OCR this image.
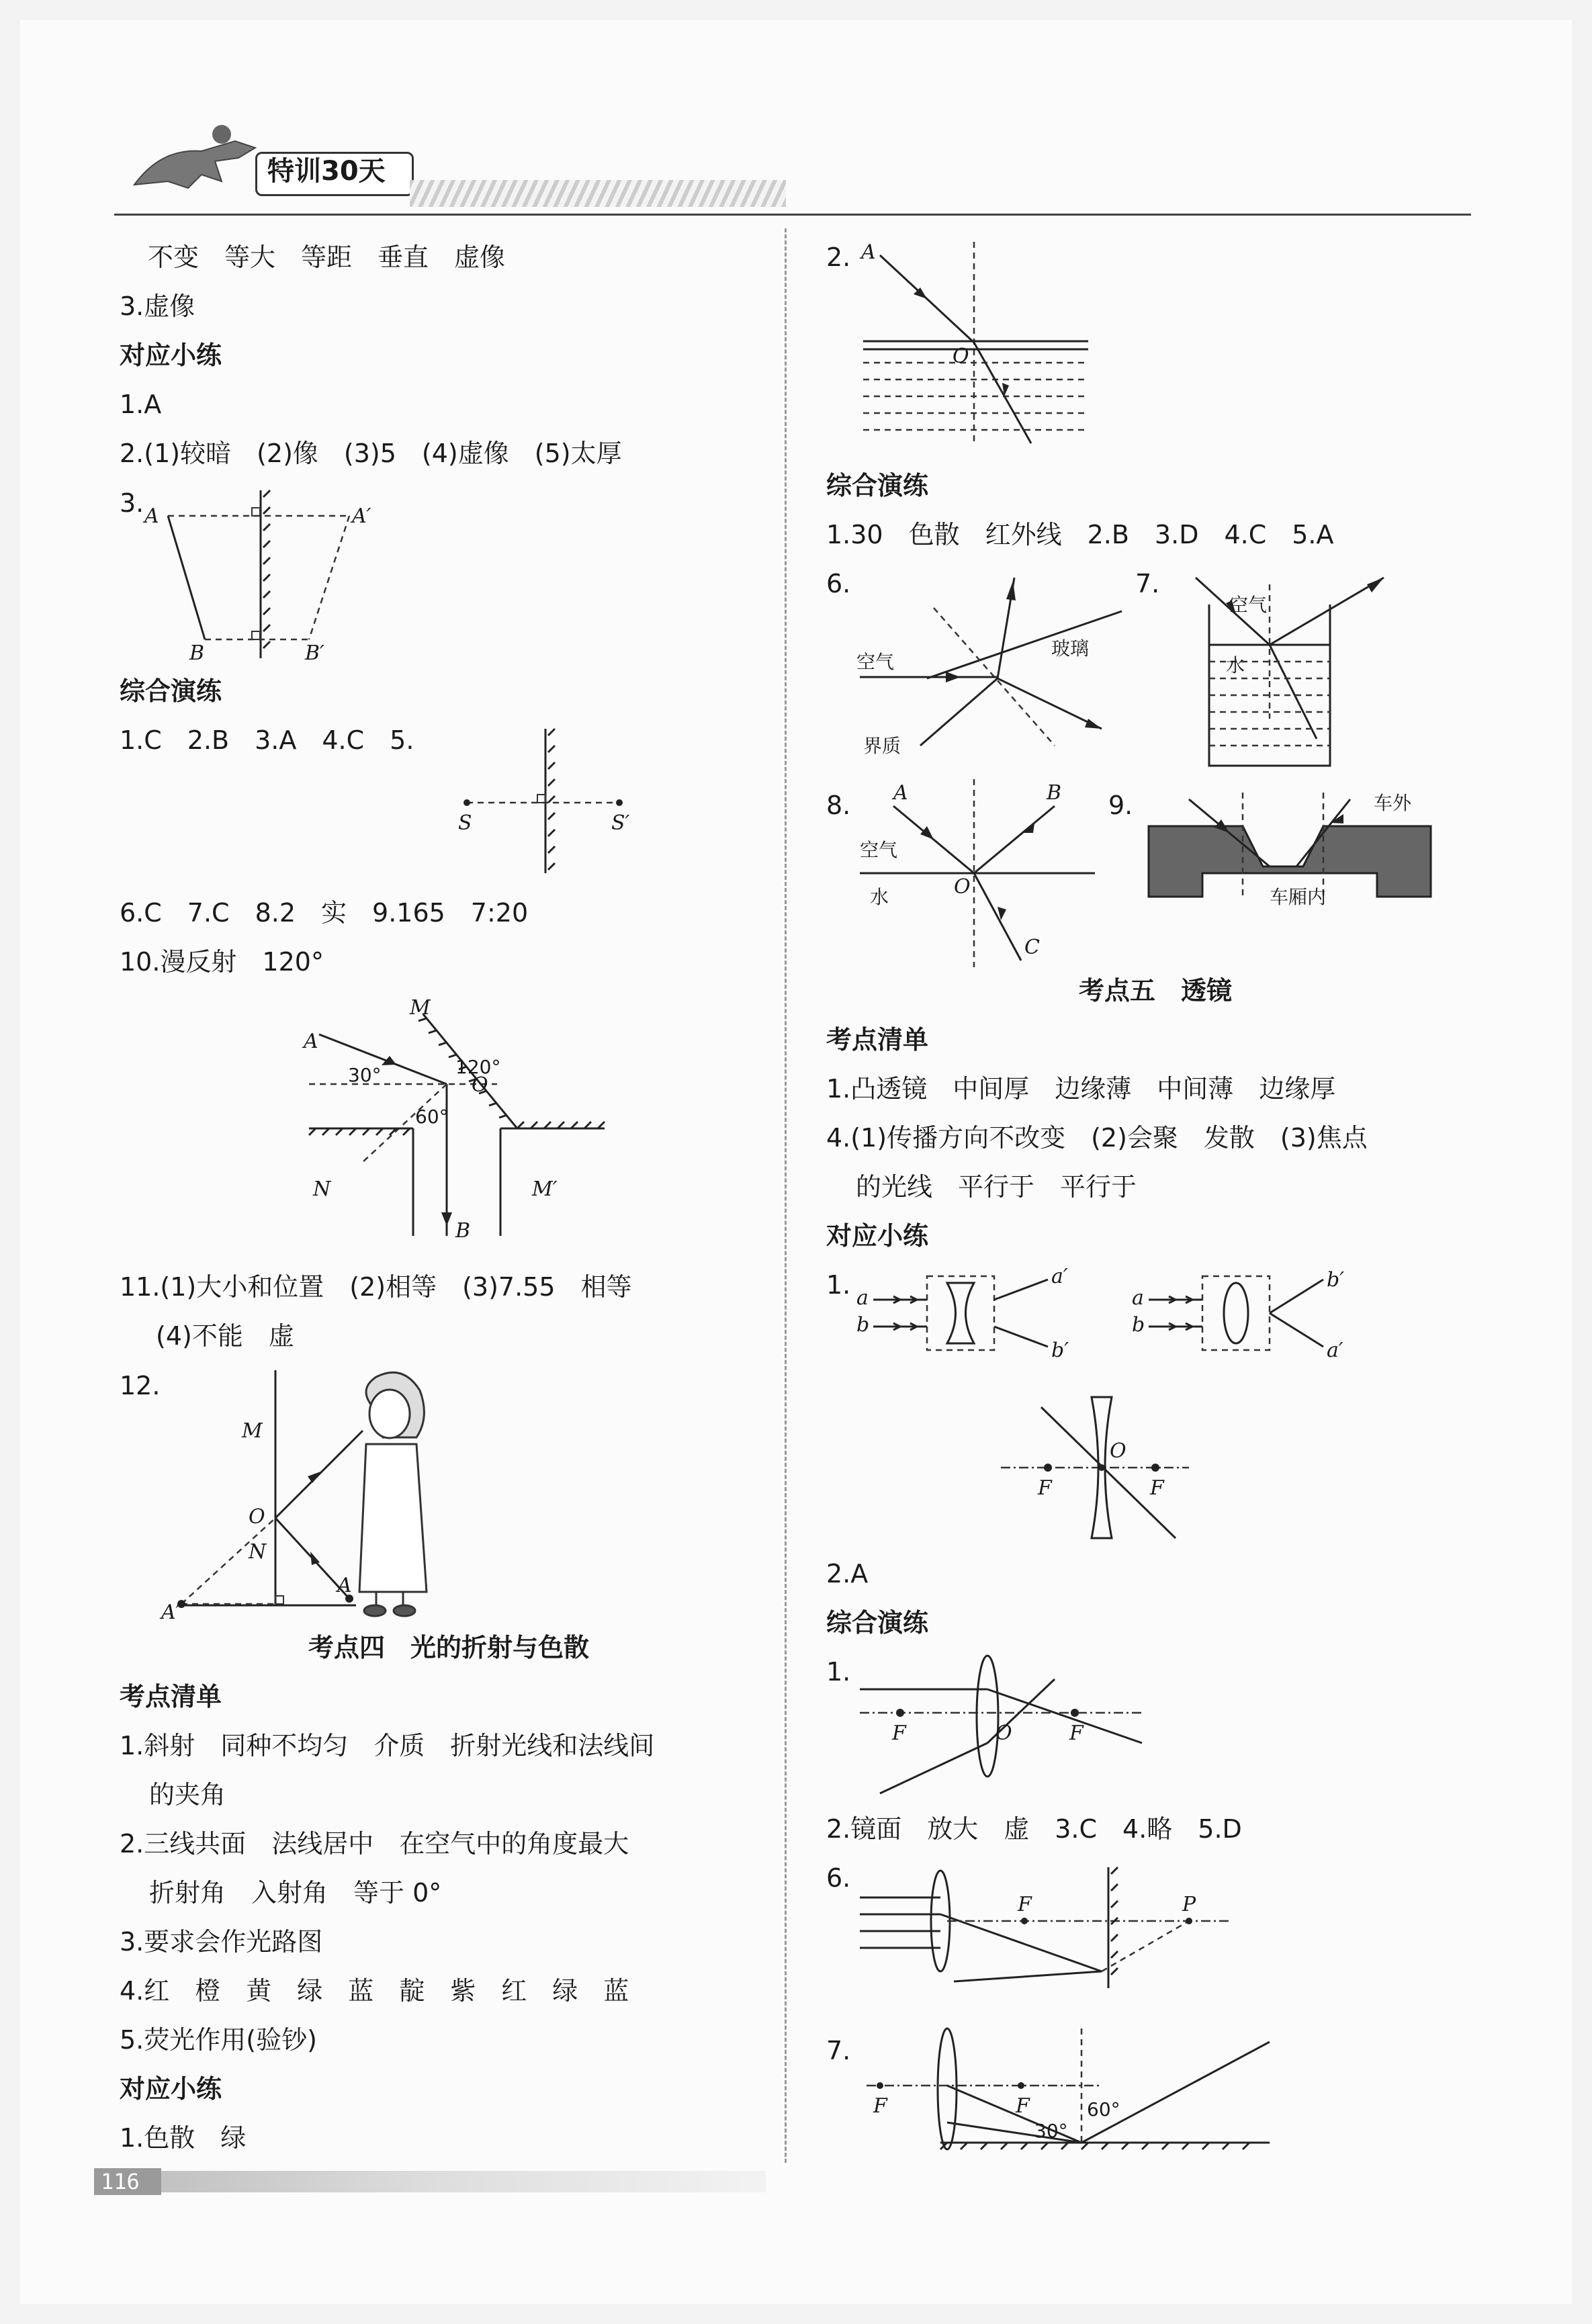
特训30天
不变　等大　等距　垂直　虚像
3.虚像
对应小练
1.A
2.(1)较暗　(2)像　(3)5　(4)虚像　(5)太厚
3. A	A′
B	B′
综合演练
1.C　2.B　3.A　4.C　5.
S	S′
6.C　7.C　8.2　实　9.165　7:20
10.漫反射　120°
A
M
30°	120°
O
60°
N	M′
B
11.(1)大小和位置　(2)相等　(3)7.55　相等
(4)不能　虚
12.
M
O
N
A′
A
考点四　光的折射与色散
考点清单
1.斜射　同种不均匀　介质　折射光线和法线间
的夹角
2.三线共面　法线居中　在空气中的角度最大
折射角　入射角　等于 0°
3.要求会作光路图
4.红　橙　黄　绿　蓝　靛　紫　红　绿　蓝
5.荧光作用(验钞)
对应小练
1.色散　绿
2. A
O
综合演练
1.30　色散　红外线　2.B　3.D　4.C　5.A
6.
空气
玻璃
界质
7.
空气
水
8. A	B
空气
水	O
C
9.	车外
车厢内
考点五　透镜
考点清单
1.凸透镜　中间厚　边缘薄　中间薄　边缘厚
4.(1)传播方向不改变　(2)会聚　发散　(3)焦点
的光线　平行于　平行于
对应小练
1. a
b
a′
b′
a
b
b′
a′
F
O
F
2.A
综合演练
1.
F	O	F
2.镜面　放大　虚　3.C　4.略　5.D
6.
F	P
7.
F	F
30°
60°
116
